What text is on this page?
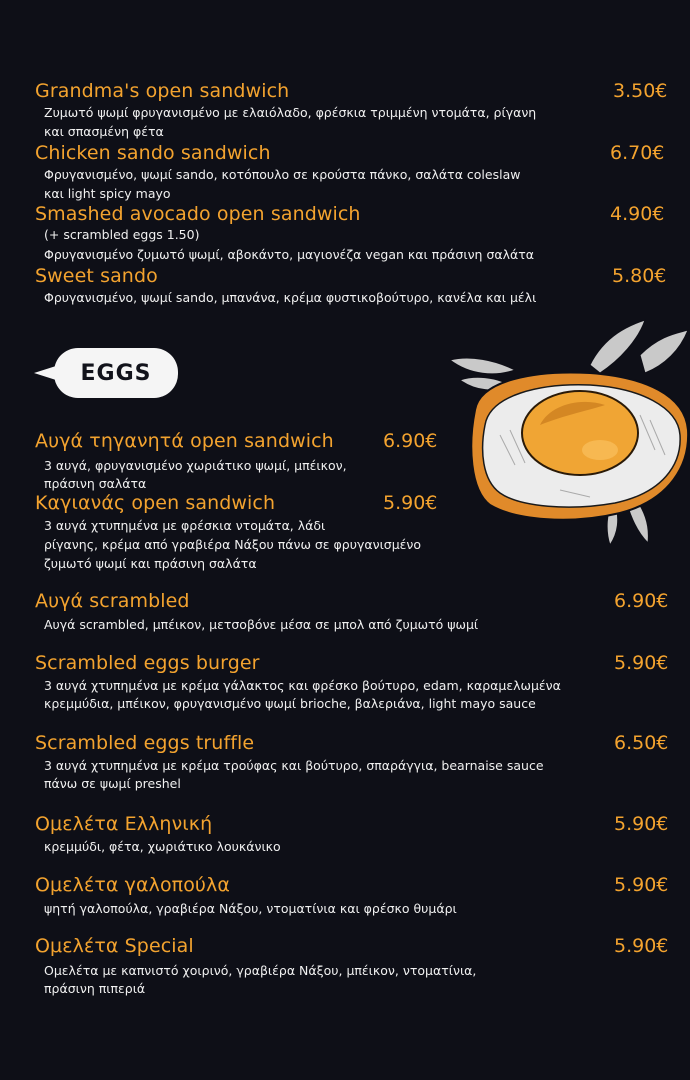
Grandma's open sandwich	3.50€
Ζυμωτό ψωμί φρυγανισμένο με ελαιόλαδο, φρέσκια τριμμένη ντομάτα, ρίγανη
και σπασμένη φέτα
Chicken sando sandwich	6.70€
Φρυγανισμένο, ψωμί sando, κοτόπουλο σε κρούστα πάνκο, σαλάτα coleslaw
και light spicy mayo
Smashed avocado open sandwich	4.90€
(+ scrambled eggs 1.50)
Φρυγανισμένο ζυμωτό ψωμί, αβοκάντο, μαγιονέζα vegan και πράσινη σαλάτα
Sweet sando	5.80€
Φρυγανισμένο, ψωμί sando, μπανάνα, κρέμα φυστικοβούτυρο, κανέλα και μέλι
EGGS
Αυγά τηγανητά open sandwich	6.90€
3 αυγά, φρυγανισμένο χωριάτικο ψωμί, μπέικον,
πράσινη σαλάτα
Καγιανάς open sandwich	5.90€
3 αυγά χτυπημένα με φρέσκια ντομάτα, λάδι
ρίγανης, κρέμα από γραβιέρα Νάξου πάνω σε φρυγανισμένο
ζυμωτό ψωμί και πράσινη σαλάτα
Αυγά scrambled	6.90€
Αυγά scrambled, μπέικον, μετσοβόνε μέσα σε μπολ από ζυμωτό ψωμί
Scrambled eggs burger	5.90€
3 αυγά χτυπημένα με κρέμα γάλακτος και φρέσκο βούτυρο, edam, καραμελωμένα
κρεμμύδια, μπέικον, φρυγανισμένο ψωμί brioche, βαλεριάνα, light mayo sauce
Scrambled eggs truffle	6.50€
3 αυγά χτυπημένα με κρέμα τρούφας και βούτυρο, σπαράγγια, bearnaise sauce
πάνω σε ψωμί preshel
Ομελέτα Ελληνική	5.90€
κρεμμύδι, φέτα, χωριάτικο λουκάνικο
Ομελέτα γαλοπούλα	5.90€
ψητή γαλοπούλα, γραβιέρα Νάξου, ντοματίνια και φρέσκο θυμάρι
Ομελέτα Special	5.90€
Ομελέτα με καπνιστό χοιρινό, γραβιέρα Νάξου, μπέικον, ντοματίνια,
πράσινη πιπεριά
